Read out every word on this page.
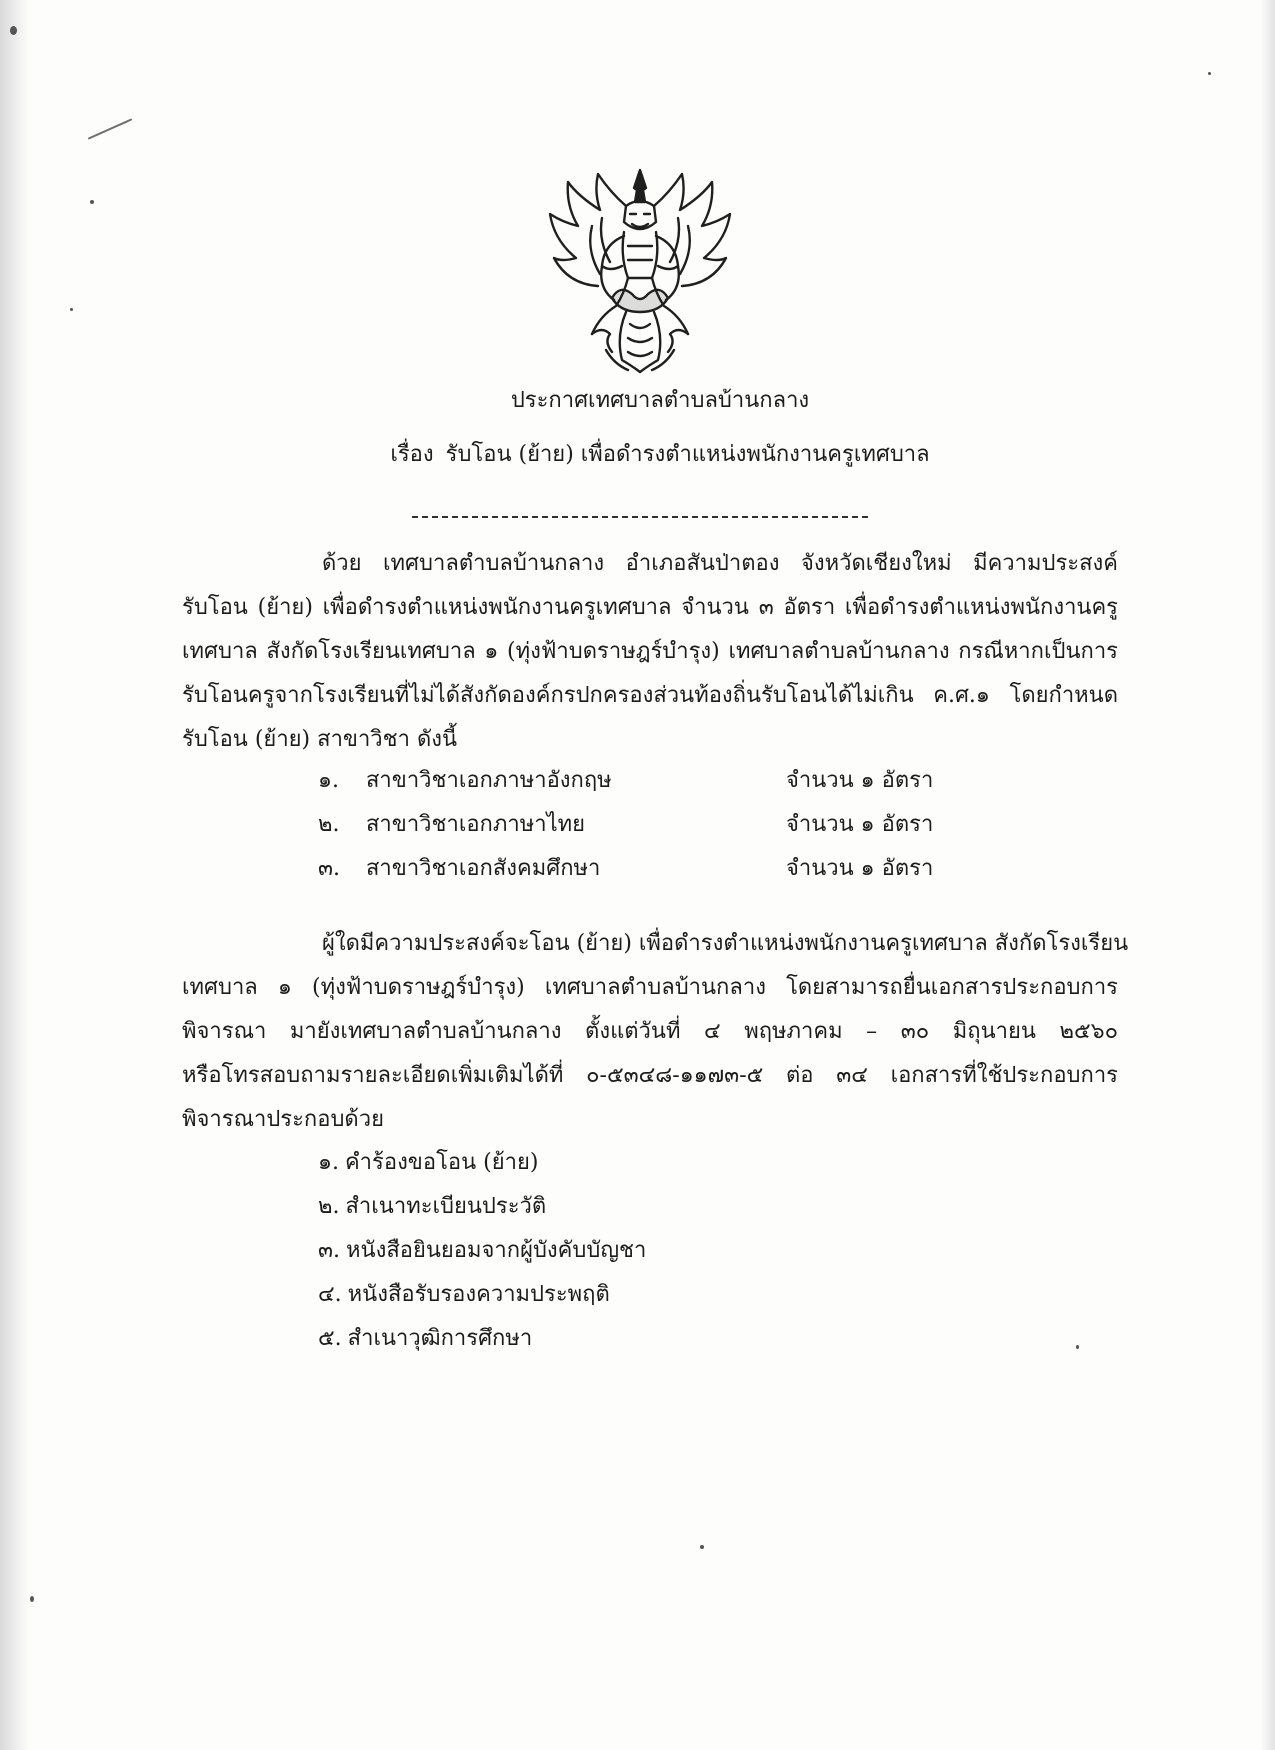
ประกาศเทศบาลตำบลบ้านกลาง
เรื่อง รับโอน (ย้าย) เพื่อดำรงตำแหน่งพนักงานครูเทศบาล
ด้วย เทศบาลตำบลบ้านกลาง อำเภอสันป่าตอง จังหวัดเชียงใหม่ มีความประสงค์
รับโอน (ย้าย) เพื่อดำรงตำแหน่งพนักงานครูเทศบาล จำนวน ๓ อัตรา เพื่อดำรงตำแหน่งพนักงานครู
เทศบาล สังกัดโรงเรียนเทศบาล ๑ (ทุ่งฟ้าบดราษฎร์บำรุง) เทศบาลตำบลบ้านกลาง กรณีหากเป็นการ
รับโอนครูจากโรงเรียนที่ไม่ได้สังกัดองค์กรปกครองส่วนท้องถิ่นรับโอนได้ไม่เกิน ค.ศ.๑ โดยกำหนด
รับโอน (ย้าย) สาขาวิชา ดังนี้
๑. สาขาวิชาเอกภาษาอังกฤษ	จำนวน ๑ อัตรา
๒. สาขาวิชาเอกภาษาไทย	จำนวน ๑ อัตรา
๓. สาขาวิชาเอกสังคมศึกษา	จำนวน ๑ อัตรา
ผู้ใดมีความประสงค์จะโอน (ย้าย) เพื่อดำรงตำแหน่งพนักงานครูเทศบาล สังกัดโรงเรียน
เทศบาล ๑ (ทุ่งฟ้าบดราษฎร์บำรุง) เทศบาลตำบลบ้านกลาง โดยสามารถยื่นเอกสารประกอบการ
พิจารณา มายังเทศบาลตำบลบ้านกลาง ตั้งแต่วันที่ ๔ พฤษภาคม – ๓๐ มิถุนายน ๒๕๖๐
หรือโทรสอบถามรายละเอียดเพิ่มเติมได้ที่ ๐-๕๓๔๘-๑๑๗๓-๕ ต่อ ๓๔ เอกสารที่ใช้ประกอบการ
พิจารณาประกอบด้วย
๑. คำร้องขอโอน (ย้าย)
๒. สำเนาทะเบียนประวัติ
๓. หนังสือยินยอมจากผู้บังคับบัญชา
๔. หนังสือรับรองความประพฤติ
๕. สำเนาวุฒิการศึกษา
